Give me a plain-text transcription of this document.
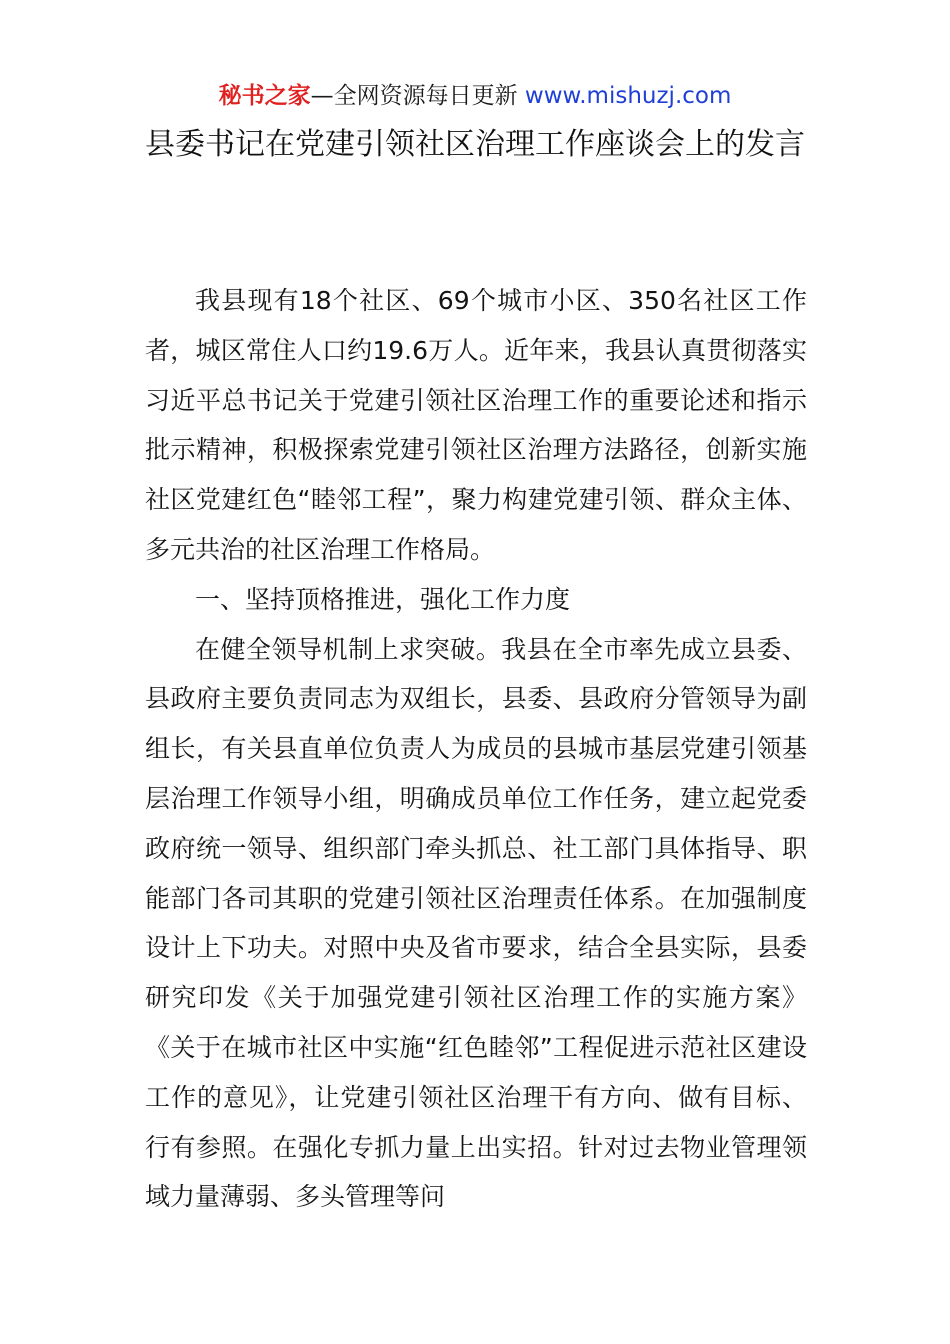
秘书之家—全网资源每日更新 www.mishuzj.com
县委书记在党建引领社区治理工作座谈会上的发言

我县现有18个社区、69个城市小区、350名社区工作者，城区常住人口约19.6万人。近年来，我县认真贯彻落实习近平总书记关于党建引领社区治理工作的重要论述和指示批示精神，积极探索党建引领社区治理方法路径，创新实施社区党建红色“睦邻工程”，聚力构建党建引领、群众主体、多元共治的社区治理工作格局。

一、坚持顶格推进，强化工作力度

在健全领导机制上求突破。我县在全市率先成立县委、县政府主要负责同志为双组长，县委、县政府分管领导为副组长，有关县直单位负责人为成员的县城市基层党建引领基层治理工作领导小组，明确成员单位工作任务，建立起党委政府统一领导、组织部门牵头抓总、社工部门具体指导、职能部门各司其职的党建引领社区治理责任体系。在加强制度设计上下功夫。对照中央及省市要求，结合全县实际，县委研究印发《关于加强党建引领社区治理工作的实施方案》《关于在城市社区中实施“红色睦邻”工程促进示范社区建设工作的意见》，让党建引领社区治理干有方向、做有目标、行有参照。在强化专抓力量上出实招。针对过去物业管理领域力量薄弱、多头管理等问
